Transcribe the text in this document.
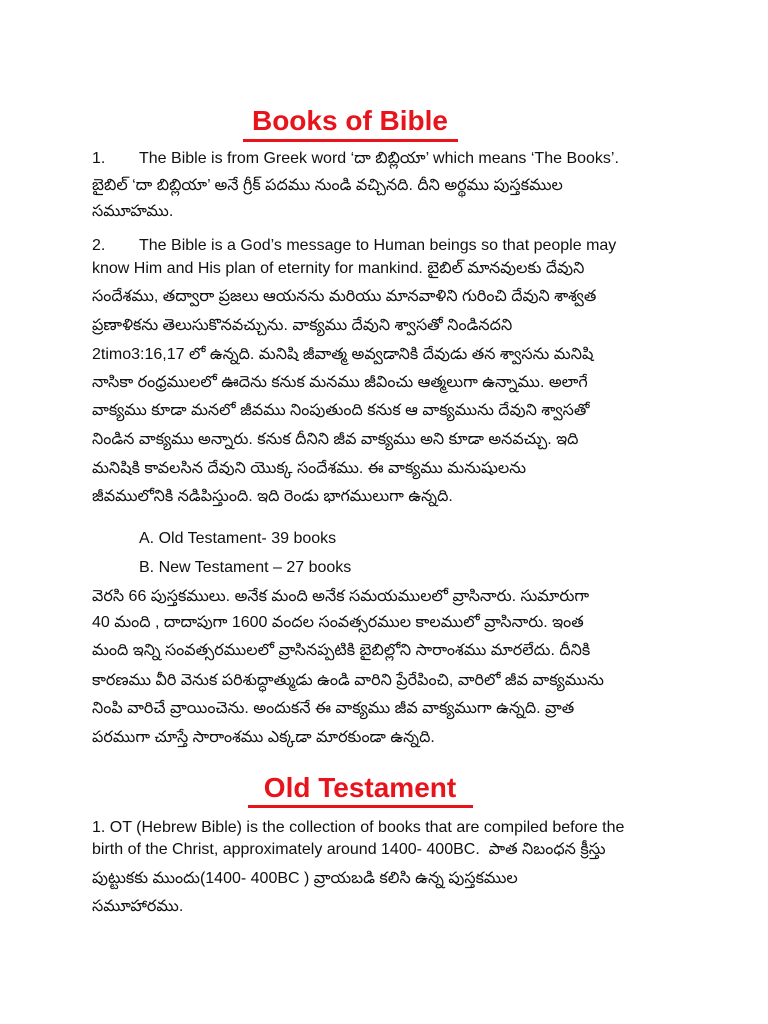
Books of Bible
1.	The Bible is from Greek word ‘దా బిబ్లియా’ which means ‘The Books’.
బైబిల్ ‘దా బిబ్లియా’ అనే గ్రీక్ పదము నుండి వచ్చినది. దీని అర్థము పుస్తకముల
సమూహము.
2.	The Bible is a God’s message to Human beings so that people may
know Him and His plan of eternity for mankind. బైబిల్ మానవులకు దేవుని
సందేశము, తద్వారా ప్రజలు ఆయనను మరియు మానవాళిని గురించి దేవుని శాశ్వత
ప్రణాళికను తెలుసుకొనవచ్చును. వాక్యము దేవుని శ్వాసతో నిండినదని
2timo3:16,17 లో ఉన్నది. మనిషి జీవాత్మ అవ్వడానికి దేవుడు తన శ్వాసను మనిషి
నాసికా రంధ్రములలో ఊదెను కనుక మనము జీవించు ఆత్మలుగా ఉన్నాము. అలాగే
వాక్యము కూడా మనలో జీవము నింపుతుంది కనుక ఆ వాక్యమును దేవుని శ్వాసతో
నిండిన వాక్యము అన్నారు. కనుక దీనిని జీవ వాక్యము అని కూడా అనవచ్చు. ఇది
మనిషికి కావలసిన దేవుని యొక్క సందేశము. ఈ వాక్యము మనుషులను
జీవములోనికి నడిపిస్తుంది. ఇది రెండు భాగములుగా ఉన్నది.
A. Old Testament- 39 books
B. New Testament – 27 books
వెరసి 66 పుస్తకములు. అనేక మంది అనేక సమయములలో వ్రాసినారు. సుమారుగా
40 మంది , దాదాపుగా 1600 వందల సంవత్సరముల కాలములో వ్రాసినారు. ఇంత
మంది ఇన్ని సంవత్సరములలో వ్రాసినప్పటికి బైబిల్లోని సారాంశము మారలేదు. దీనికి
కారణము వీరి వెనుక పరిశుద్ధాత్ముడు ఉండి వారిని ప్రేరేపించి, వారిలో జీవ వాక్యమును
నింపి వారిచే వ్రాయించెను. అందుకనే ఈ వాక్యము జీవ వాక్యముగా ఉన్నది. వ్రాత
పరముగా చూస్తే సారాంశము ఎక్కడా మారకుండా ఉన్నది.
Old Testament
1. OT (Hebrew Bible) is the collection of books that are compiled before the
birth of the Christ, approximately around 1400- 400BC.  పాత నిబంధన క్రీస్తు
పుట్టుకకు ముందు(1400- 400BC ) వ్రాయబడి కలిసి ఉన్న పుస్తకముల
సమూహారము.
